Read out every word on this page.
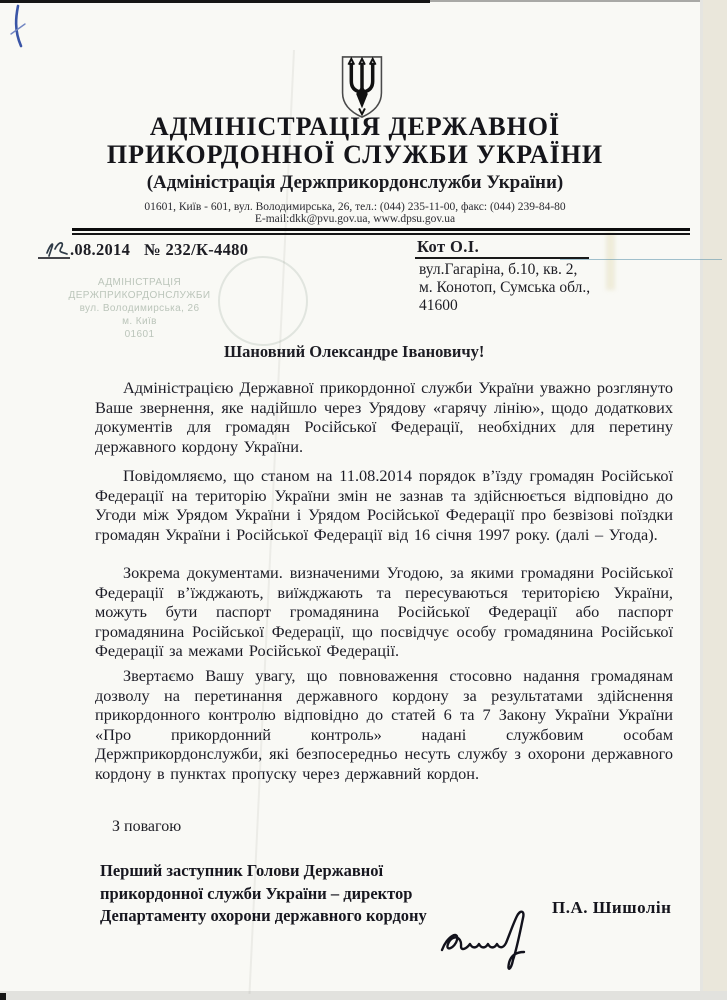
АДМІНІСТРАЦІЯ ДЕРЖАВНОЇ
ПРИКОРДОННОЇ СЛУЖБИ УКРАЇНИ
(Адміністрація Держприкордонслужби України)
01601, Київ - 601, вул. Володимирська, 26, тел.: (044) 235-11-00, факс: (044) 239-84-80
E-mail:dkk@pvu.gov.ua, www.dpsu.gov.ua
.08.2014 № 232/К-4480	Кот О.І.
вул.Гагаріна, б.10, кв. 2,
м. Конотоп, Сумська обл.,
41600
АДМІНІСТРАЦІЯ
ДЕРЖПРИКОРДОНСЛУЖБИ
вул. Володимирська, 26
м. Київ
01601
Шановний Олександре Івановичу!
Адміністрацією Державної прикордонної служби України уважно розглянуто Ваше звернення, яке надійшло через Урядову «гарячу лінію», щодо додаткових документів для громадян Російської Федерації, необхідних для перетину державного кордону України.
Повідомляємо, що станом на 11.08.2014 порядок в’їзду громадян Російської Федерації на територію України змін не зазнав та здійснюється відповідно до Угоди між Урядом України і Урядом Російської Федерації про безвізові поїздки громадян України і Російської Федерації від 16 січня 1997 року. (далі – Угода).
Зокрема документами. визначеними Угодою, за якими громадяни Російської Федерації в’їжджають, виїжджають та пересуваються територією України, можуть бути паспорт громадянина Російської Федерації або паспорт громадянина Російської Федерації, що посвідчує особу громадянина Російської Федерації за межами Російської Федерації.
Звертаємо Вашу увагу, що повноваження стосовно надання громадянам дозволу на перетинання державного кордону за результатами здійснення прикордонного контролю відповідно до статей 6 та 7 Закону України України «Про прикордонний контроль» надані службовим особам Держприкордонслужби, які безпосередньо несуть службу з охорони державного кордону в пунктах пропуску через державний кордон.
З повагою
Перший заступник Голови Державної
прикордонної служби України – директор
Департаменту охорони державного кордону	П.А. Шишолін
